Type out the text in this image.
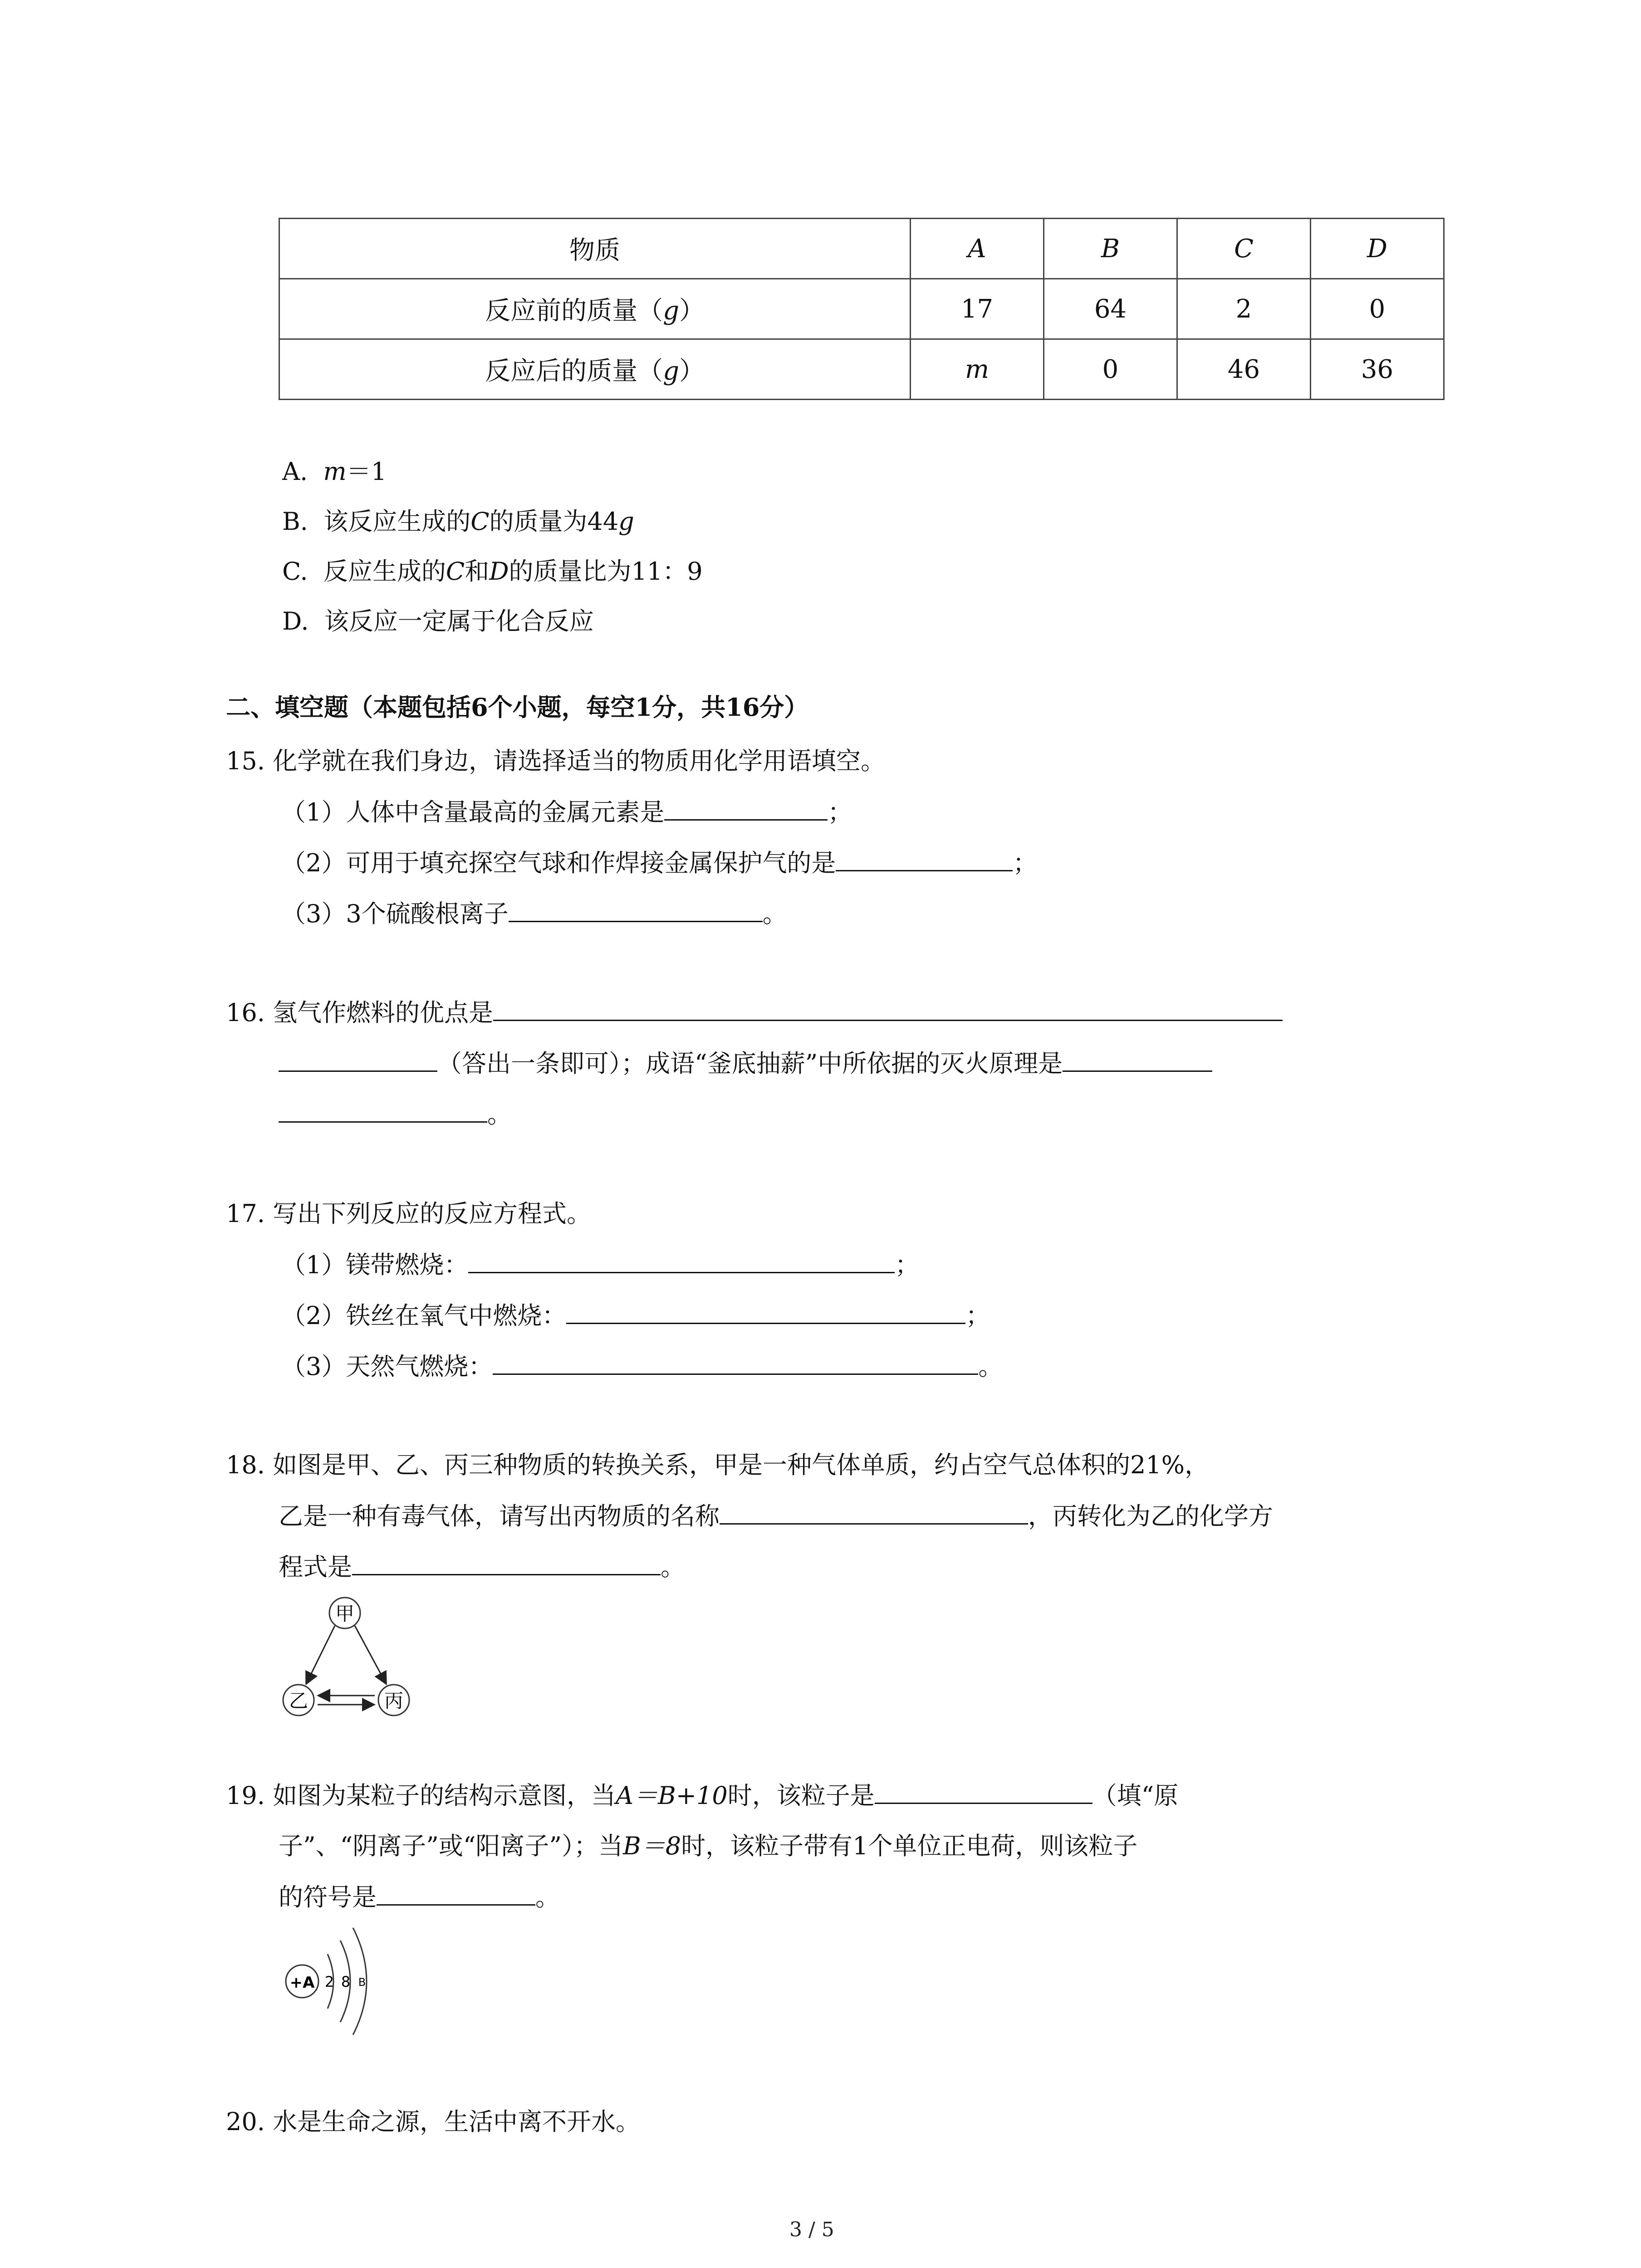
物质	A	B	C	D
反应前的质量（g）	17	64	2	0
反应后的质量（g）	m	0	46	36
A. m＝1
B. 该反应生成的C的质量为44g
C. 反应生成的C和D的质量比为11：9
D. 该反应一定属于化合反应
二、填空题（本题包括6个小题，每空1分，共16分）
15. 化学就在我们身边，请选择适当的物质用化学用语填空。
（1）人体中含量最高的金属元素是	；
（2）可用于填充探空气球和作焊接金属保护气的是	；
（3）3个硫酸根离子	。
16. 氢气作燃料的优点是
（答出一条即可）；成语“釜底抽薪”中所依据的灭火原理是
。
17. 写出下列反应的反应方程式。
（1）镁带燃烧：	；
（2）铁丝在氧气中燃烧：	；
（3）天然气燃烧：	。
18. 如图是甲、乙、丙三种物质的转换关系，甲是一种气体单质，约占空气总体积的21%，
乙是一种有毒气体，请写出丙物质的名称	，丙转化为乙的化学方
程式是	。
甲
乙	丙
19. 如图为某粒子的结构示意图，当A＝B+10时，该粒子是	（填“原
子”、“阴离子”或“阳离子”）；当B＝8时，该粒子带有1个单位正电荷，则该粒子
的符号是	。
+A 2 8 B
20. 水是生命之源，生活中离不开水。
3 / 5
